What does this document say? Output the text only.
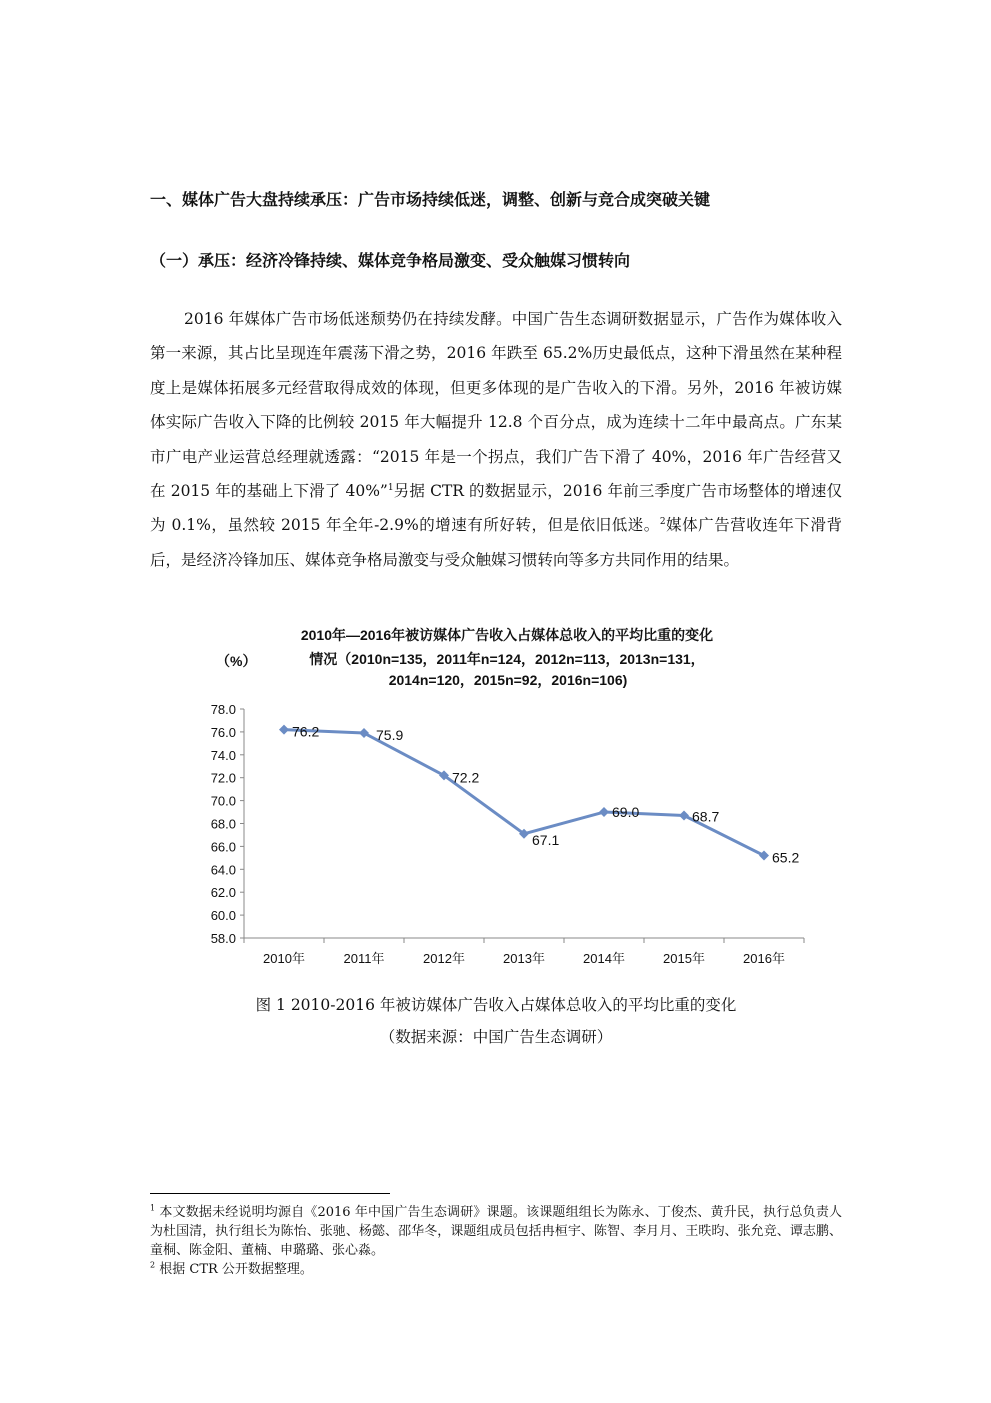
一、媒体广告大盘持续承压：广告市场持续低迷，调整、创新与竞合成突破关键
（一）承压：经济冷锋持续、媒体竞争格局激变、受众触媒习惯转向

2016 年媒体广告市场低迷颓势仍在持续发酵。中国广告生态调研数据显示，广告作为媒体收入第一来源，其占比呈现连年震荡下滑之势，2016 年跌至 65.2%历史最低点，这种下滑虽然在某种程度上是媒体拓展多元经营取得成效的体现，但更多体现的是广告收入的下滑。另外，2016 年被访媒体实际广告收入下降的比例较 2015 年大幅提升 12.8 个百分点，成为连续十二年中最高点。广东某市广电产业运营总经理就透露：“2015 年是一个拐点，我们广告下滑了 40%，2016 年广告经营又在 2015 年的基础上下滑了 40%”$^1$另据 CTR 的数据显示，2016 年前三季度广告市场整体的增速仅为 0.1%，虽然较 2015 年全年-2.9%的增速有所好转，但是依旧低迷。$^2$媒体广告营收连年下滑背后，是经济冷锋加压、媒体竞争格局激变与受众触媒习惯转向等多方共同作用的结果。

2010年—2016年被访媒体广告收入占媒体总收入的平均比重的变化
情况（2010n=135，2011年n=124，2012n=113，2013n=131，
2014n=120，2015n=92，2016n=106)
（%）
58.0
60.0
62.0
64.0
66.0
68.0
70.0
72.0
74.0
76.0
78.0
2010年	2011年	2012年	2013年	2014年	2015年	2016年
76.2	75.9
72.2
67.1
69.0	68.7
65.2
图 1 2010-2016 年被访媒体广告收入占媒体总收入的平均比重的变化
（数据来源：中国广告生态调研）

$^1$ 本文数据未经说明均源自《2016 年中国广告生态调研》课题。该课题组组长为陈永、丁俊杰、黄升民，执行总负责人为杜国清，执行组长为陈怡、张驰、杨懿、邵华冬，课题组成员包括冉桓宇、陈智、李月月、王昳昀、张允竞、谭志鹏、童桐、陈金阳、董楠、申璐璐、张心淼。

$^2$ 根据 CTR 公开数据整理。
